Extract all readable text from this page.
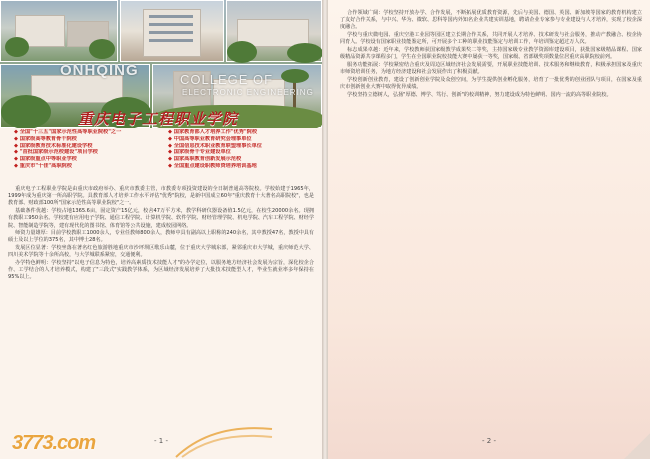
ONHQING
COLLEGE OF
ELECTRONIC ENGINEERING
重庆电子工程职业学院
◆ 全国"十三五"国家示范性高等职业院校"之一
◆ 国家级高等教育骨干院校
◆ 国家级教育技术标准化建设学校
◆ "首批国家级示范校建设"项目学校
◆ 国家级重点中等职业学校
◆ 重庆市"十佳"高职院校
◆ 国家教育部人才培养工作"优秀"院校
◆ 中国高等职业教育研究会理事单位
◆ 全国信息技术职业教育联盟理事长单位
◆ 国家级骨干专业建设单位
◆ 国家高职教育创新发展示范校
◆ 全国重点建设职教师资培养培训基地

重庆电子工程职业学院是由重庆市政府举办、重庆市教委主管，市教委专项投资建设的全日制普通高等院校。学校始建于1965年，1999年成为重庆第一所高职学院。具教育部人才培养工作水平评估"优秀"院校，是新中国成立60年"重庆教育十大著名高职院校"，也是教育部、财政部100所"国家示范性高等职业院校"之一。

基础条件优越：学校占地1365.6亩，固定资产15亿元，校舍47万平方米，教学科研仪器设备值1.5亿元，在校生20000余名。现拥有教职工950余名。学校建有应用电子学院、通信工程学院、计算机学院、软件学院、财经管理学院、机电学院、汽车工程学院、财经学院、智能制造学院等，建有现代化的图书馆、体育馆等公共设施，建成校园网络。

师资力量雄厚：目前学校教职工1000余人，专业任教师800余人，教师中具有副高以上职称的240余名，其中教授47名，教授中具有硕士及以上学位的375名，其中博士28名。

发展区位显著：学校坐落在著名红色旅游胜地重庆市沙坪坝区歌乐山麓，位于重庆大学城东部，紧邻重庆市大学城，重庆师范大学、四川美术学院等十余所高校，与大学城联系紧密，交通便利。

办学特色鲜明：学校坚持"以电子信息为特色，培养高素质技术技能人才"的办学定位，以服务地方经济社会发展为宗旨，深化校企合作、工学结合的人才培养模式，构建了"三段式"实践教学体系，为区域经济发展培养了大批技术技能型人才，毕业生就业率多年保持在95%以上。

- 1 -
3773.com

合作领域广阔：学校坚持开放办学、合作发展，不断拓展优质教育资源，先后与美国、德国、英国、新加坡等国家的教育机构建立了友好合作关系，与中兴、华为、微软、思科等国内外知名企业共建实训基地，聘请企业专家参与专业建设与人才培养，实现了校企深度融合。

学校与重庆微电园、重庆空港工业园等园区建立长期合作关系，共同开展人才培养、技术研发与社会服务，推动产教融合、校企协同育人。学校设有国家职业技能鉴定所，可开展多个工种的职业技能鉴定与培训工作，年培训鉴定超过万人次。

标志成果卓越：近年来，学校教师获国家级教学成果奖二等奖，主持国家级专业教学资源库建设项目，获批国家级精品课程、国家级精品资源共享课程多门，学生在全国职业院校技能大赛中屡获一等奖，国家级、省部级奖项数量位居重庆高职院校前列。

服务功能拓展：学校紧密结合重庆及周边区域经济社会发展需要，开展职业技能培训、技术服务和继续教育，积极承担国家及重庆市师资培训任务，为地方经济建设和社会发展作出了积极贡献。

学校创新创业教育，建设了创新创业学院及众创空间，为学生提供创业孵化服务，培育了一批优秀的创业团队与项目，在国家及重庆市创新创业大赛中取得优异成绩。

学校坚持立德树人，弘扬"厚德、博学、笃行、创新"的校训精神，努力建设成为特色鲜明、国内一流的高等职业院校。

- 2 -
